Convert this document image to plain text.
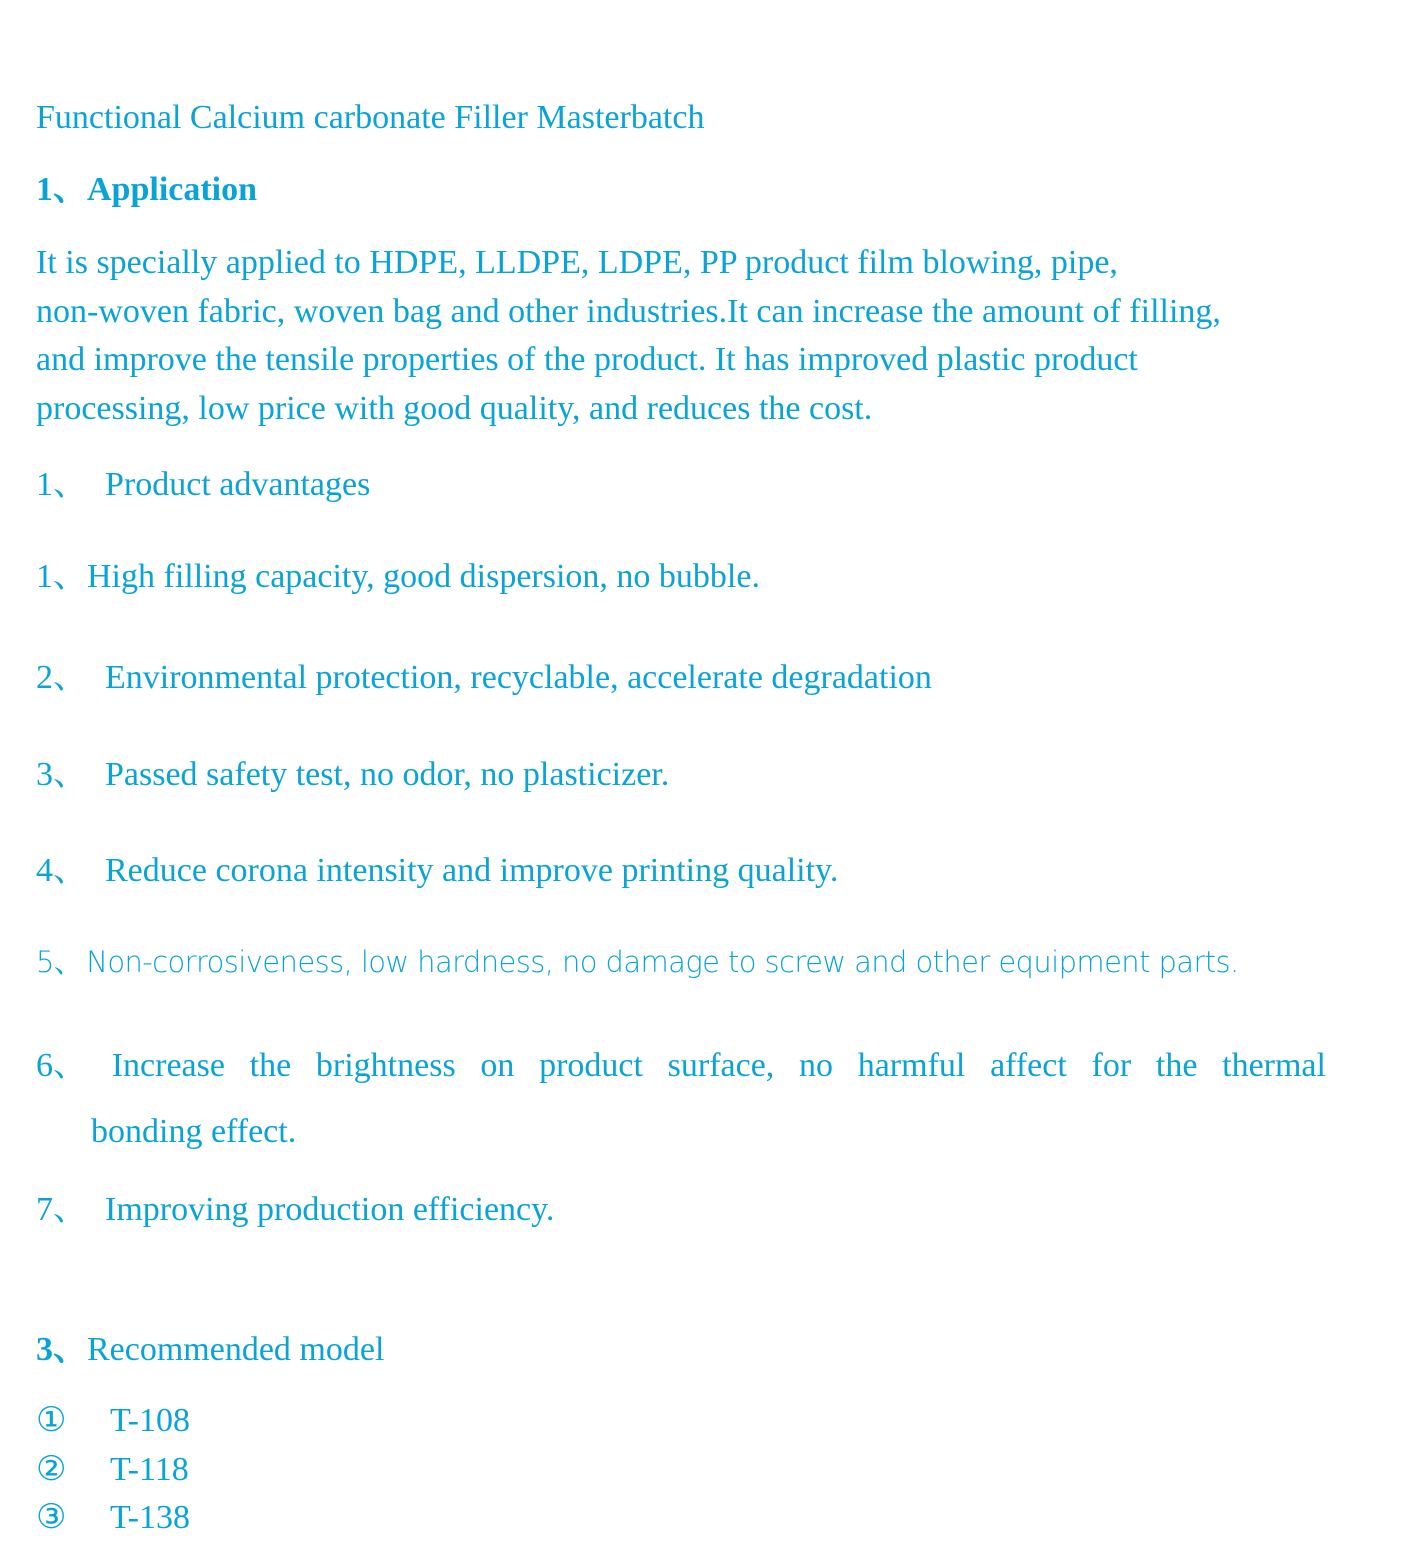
Functional Calcium carbonate Filler Masterbatch
1、Application
It is specially applied to HDPE, LLDPE, LDPE, PP product film blowing, pipe,
non-woven fabric, woven bag and other industries.It can increase the amount of filling,
and improve the tensile properties of the product. It has improved plastic product
processing, low price with good quality, and reduces the cost.
1、 Product advantages
1、High filling capacity, good dispersion, no bubble.
2、 Environmental protection, recyclable, accelerate degradation
3、 Passed safety test, no odor, no plasticizer.
4、 Reduce corona intensity and improve printing quality.
5、 Non-corrosiveness, low hardness, no damage to screw and other equipment parts.
6、 Increase the brightness on product surface, no harmful affect for the thermal
bonding effect.
7、 Improving production efficiency.
3、Recommended model
① T-108
② T-118
③ T-138
